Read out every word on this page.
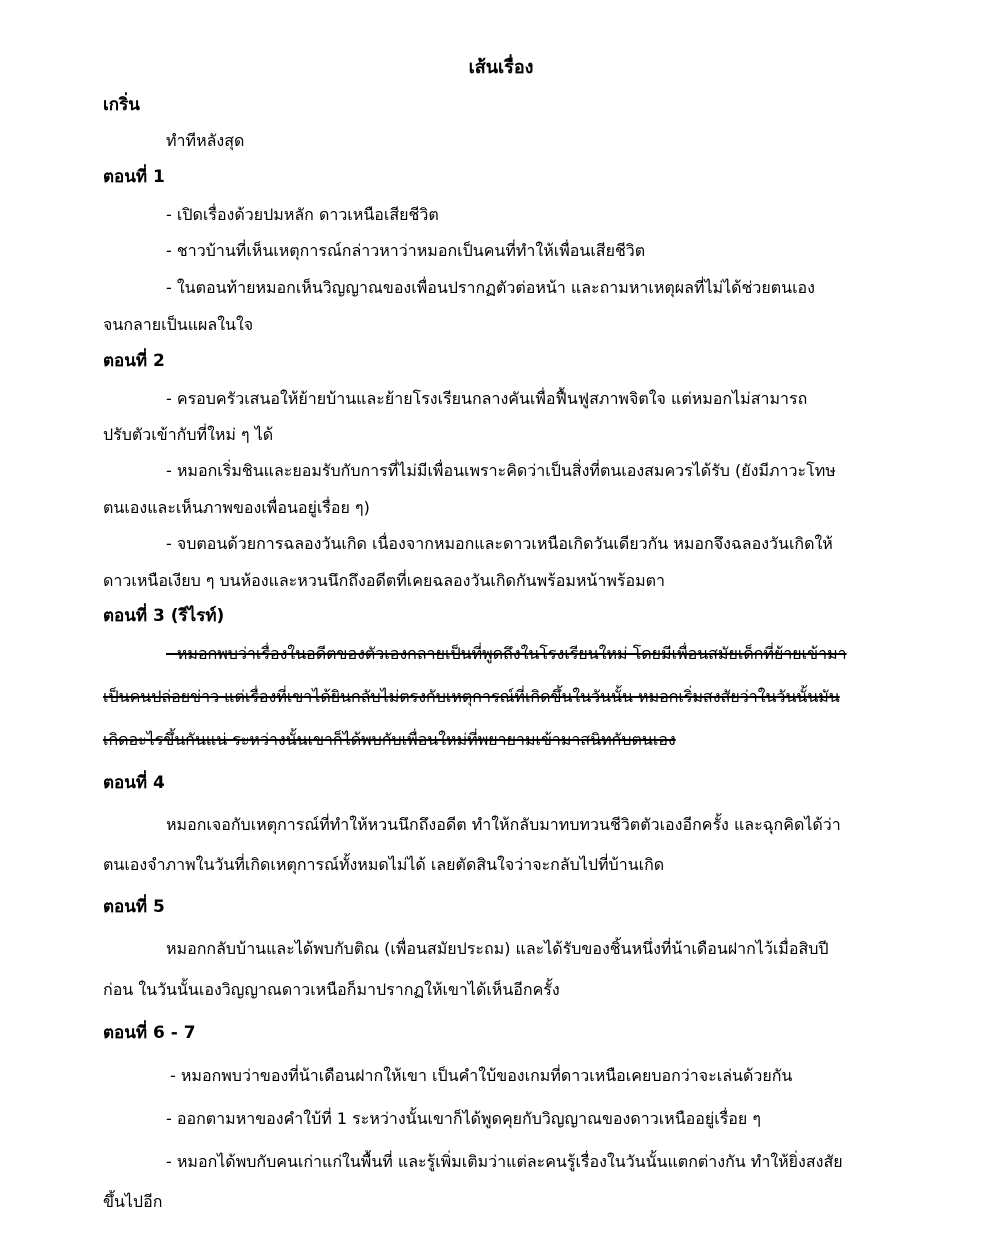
เส้นเรื่อง
เกริ่น
ทำทีหลังสุด
ตอนที่ 1
- เปิดเรื่องด้วยปมหลัก ดาวเหนือเสียชีวิต
- ชาวบ้านที่เห็นเหตุการณ์กล่าวหาว่าหมอกเป็นคนที่ทำให้เพื่อนเสียชีวิต
- ในตอนท้ายหมอกเห็นวิญญาณของเพื่อนปรากฏตัวต่อหน้า และถามหาเหตุผลที่ไม่ได้ช่วยตนเอง
จนกลายเป็นแผลในใจ
ตอนที่ 2
- ครอบครัวเสนอให้ย้ายบ้านและย้ายโรงเรียนกลางคันเพื่อฟื้นฟูสภาพจิตใจ แต่หมอกไม่สามารถ
ปรับตัวเข้ากับที่ใหม่ ๆ ได้
- หมอกเริ่มชินและยอมรับกับการที่ไม่มีเพื่อนเพราะคิดว่าเป็นสิ่งที่ตนเองสมควรได้รับ (ยังมีภาวะโทษ
ตนเองและเห็นภาพของเพื่อนอยู่เรื่อย ๆ)
- จบตอนด้วยการฉลองวันเกิด เนื่องจากหมอกและดาวเหนือเกิดวันเดียวกัน หมอกจึงฉลองวันเกิดให้
ดาวเหนือเงียบ ๆ บนห้องและหวนนึกถึงอดีตที่เคยฉลองวันเกิดกันพร้อมหน้าพร้อมตา
ตอนที่ 3 (รีไรท์)
- หมอกพบว่าเรื่องในอดีตของตัวเองกลายเป็นที่พูดถึงในโรงเรียนใหม่ โดยมีเพื่อนสมัยเด็กที่ย้ายเข้ามา
เป็นคนปล่อยข่าว แต่เรื่องที่เขาได้ยินกลับไม่ตรงกับเหตุการณ์ที่เกิดขึ้นในวันนั้น หมอกเริ่มสงสัยว่าในวันนั้นมัน
เกิดอะไรขึ้นกันแน่ ระหว่างนั้นเขาก็ได้พบกับเพื่อนใหม่ที่พยายามเข้ามาสนิทกับตนเอง
ตอนที่ 4
หมอกเจอกับเหตุการณ์ที่ทำให้หวนนึกถึงอดีต ทำให้กลับมาทบทวนชีวิตตัวเองอีกครั้ง และฉุกคิดได้ว่า
ตนเองจำภาพในวันที่เกิดเหตุการณ์ทั้งหมดไม่ได้ เลยตัดสินใจว่าจะกลับไปที่บ้านเกิด
ตอนที่ 5
หมอกกลับบ้านและได้พบกับติณ (เพื่อนสมัยประถม) และได้รับของชิ้นหนึ่งที่น้าเดือนฝากไว้เมื่อสิบปี
ก่อน ในวันนั้นเองวิญญาณดาวเหนือก็มาปรากฏให้เขาได้เห็นอีกครั้ง
ตอนที่ 6 - 7
- หมอกพบว่าของที่น้าเดือนฝากให้เขา เป็นคำใบ้ของเกมที่ดาวเหนือเคยบอกว่าจะเล่นด้วยกัน
- ออกตามหาของคำใบ้ที่ 1 ระหว่างนั้นเขาก็ได้พูดคุยกับวิญญาณของดาวเหนืออยู่เรื่อย ๆ
- หมอกได้พบกับคนเก่าแก่ในพื้นที่ และรู้เพิ่มเติมว่าแต่ละคนรู้เรื่องในวันนั้นแตกต่างกัน ทำให้ยิ่งสงสัย
ขึ้นไปอีก
